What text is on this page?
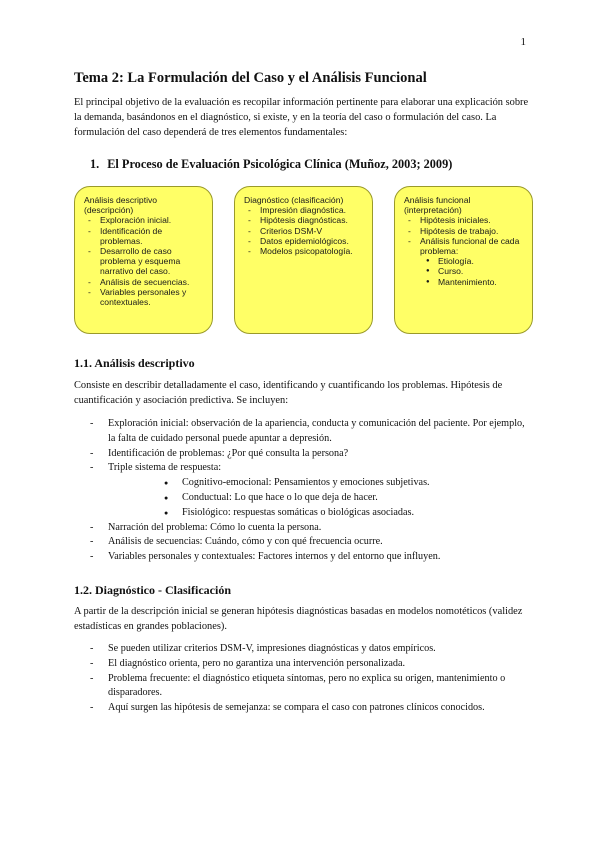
1
Tema 2: La Formulación del Caso y el Análisis Funcional

El principal objetivo de la evaluación es recopilar información pertinente para elaborar una explicación sobre la demanda, basándonos en el diagnóstico, si existe, y en la teoría del caso o formulación del caso. La formulación del caso dependerá de tres elementos fundamentales:

1. El Proceso de Evaluación Psicológica Clínica (Muñoz, 2003; 2009)

Análisis descriptivo (descripción)

- Exploración inicial.
- Identificación de problemas.
- Desarrollo de caso problema y esquema narrativo del caso.
- Análisis de secuencias.
- Variables personales y contextuales.

Diagnóstico (clasificación)

- Impresión diagnóstica.
- Hipótesis diagnósticas.
- Criterios DSM-V
- Datos epidemiológicos.
- Modelos psicopatología.

Análisis funcional (interpretación)

- Hipótesis iniciales.
- Hipótesis de trabajo.
- Análisis funcional de cada problema:
● Etiología.
● Curso.
● Mantenimiento.
1.1. Análisis descriptivo

Consiste en describir detalladamente el caso, identificando y cuantificando los problemas. Hipótesis de cuantificación y asociación predictiva. Se incluyen:

- Exploración inicial: observación de la apariencia, conducta y comunicación del paciente. Por ejemplo, la falta de cuidado personal puede apuntar a depresión.
- Identificación de problemas: ¿Por qué consulta la persona?
- Triple sistema de respuesta:
● Cognitivo-emocional: Pensamientos y emociones subjetivas.
● Conductual: Lo que hace o lo que deja de hacer.
● Fisiológico: respuestas somáticas o biológicas asociadas.
- Narración del problema: Cómo lo cuenta la persona.
- Análisis de secuencias: Cuándo, cómo y con qué frecuencia ocurre.
- Variables personales y contextuales: Factores internos y del entorno que influyen.
1.2. Diagnóstico - Clasificación

A partir de la descripción inicial se generan hipótesis diagnósticas basadas en modelos nomotéticos (validez estadísticas en grandes poblaciones).

- Se pueden utilizar criterios DSM-V, impresiones diagnósticas y datos empíricos.
- El diagnóstico orienta, pero no garantiza una intervención personalizada.
- Problema frecuente: el diagnóstico etiqueta síntomas, pero no explica su origen, mantenimiento o disparadores.
- Aquí surgen las hipótesis de semejanza: se compara el caso con patrones clínicos conocidos.
